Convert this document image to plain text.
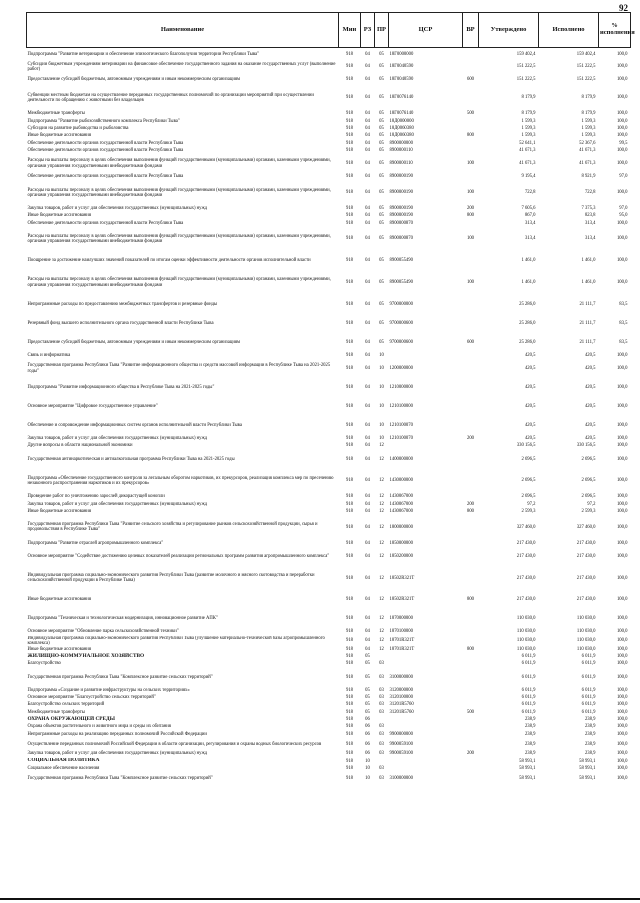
92
Наименование	Мин	РЗ	ПР	ЦСР	ВР	Утверждено	Исполнено	% исполнения
Подпрограмма "Развитие ветеринарии и обеспечение эпизоотического благополучия территории Республики Тыва"	918	04	05	18Г0000000		159 402,4	159 402,4	100,0
Субсидии бюджетным учреждениям ветеринарии на финансовое обеспечение государственного задания на оказание государственных услуг (выполнение работ)	918	04	05	18Г0040590		151 222,5	151 222,5	100,0
Предоставление субсидий бюджетным, автономным учреждениям и иным некоммерческим организациям	918	04	05	18Г0040590	600	151 222,5	151 222,5	100,0
Субвенции местным бюджетам на осуществление переданных государственных полномочий по организации мероприятий при осуществлении деятельности по обращению с животными без владельцев	918	04	05	18Г0076140		8 179,9	8 179,9	100,0
Межбюджетные трансферты	918	04	05	18Г0076140	500	8 179,9	8 179,9	100,0
Подпрограмма "Развитие рыбохозяйственного комплекса Республики Тыва"	918	04	05	18Д0000000		1 599,3	1 599,3	100,0
Субсидии на развитие рыбоводства и рыболовства	918	04	05	18Д0060380		1 599,3	1 599,3	100,0
Иные бюджетные ассигнования	918	04	05	18Д0060380	800	1 599,3	1 599,3	100,0
Обеспечение деятельности органов государственной власти Республики Тыва	918	04	05	8900000000		52 641,1	52 367,6	99,5
Обеспечение деятельности органов государственной власти Республики Тыва	918	04	05	8900000110		41 671,3	41 671,3	100,0
Расходы на выплаты персоналу в целях обеспечения выполнения функций государственными (муниципальными) органами, казенными учреждениями, органами управления государственными внебюджетными фондами	918	04	05	8900000110	100	41 671,3	41 671,3	100,0
Обеспечение деятельности органов государственной власти Республики Тыва	918	04	05	8900000190		9 195,4	8 921,9	97,0
Расходы на выплаты персоналу в целях обеспечения выполнения функций государственными (муниципальными) органами, казенными учреждениями, органами управления государственными внебюджетными фондами	918	04	05	8900000190	100	722,8	722,8	100,0
Закупка товаров, работ и услуг для обеспечения государственных (муниципальных) нужд	918	04	05	8900000190	200	7 605,6	7 375,3	97,0
Иные бюджетные ассигнования	918	04	05	8900000190	800	867,0	823,8	95,0
Обеспечение деятельности органов государственной власти Республики Тыва	918	04	05	8900000870		313,4	313,4	100,0
Расходы на выплаты персоналу в целях обеспечения выполнения функций государственными (муниципальными) органами, казенными учреждениями, органами управления государственными внебюджетными фондами	918	04	05	8900000870	100	313,4	313,4	100,0
Поощрение за достижение наилучших значений показателей по итогам оценки эффективности деятельности органов исполнительной власти	918	04	05	8900055490		1 461,0	1 461,0	100,0
Расходы на выплаты персоналу в целях обеспечения выполнения функций государственными (муниципальными) органами, казенными учреждениями, органами управления государственными внебюджетными фондами	918	04	05	8900055490	100	1 461,0	1 461,0	100,0
Непрограммные расходы по предоставлению межбюджетных трансфертов и резервные фонды	918	04	05	9700000000		25 286,0	21 111,7	83,5
Резервный фонд высшего исполнительного органа государственной власти Республики Тыва	918	04	05	9700000600		25 286,0	21 111,7	83,5
Предоставление субсидий бюджетным, автономным учреждениям и иным некоммерческим организациям	918	04	05	9700000600	600	25 286,0	21 111,7	83,5
Связь и информатика	918	04	10			420,5	420,5	100,0
Государственная программа Республики Тыва "Развитие информационного общества и средств массовой информации в Республике Тыва на 2021-2025 годы"	918	04	10	1200000000		420,5	420,5	100,0
Подпрограмма "Развитие информационного общества в Республике Тыва на 2021-2025 годы"	918	04	10	1210000000		420,5	420,5	100,0
Основное мероприятие "Цифровое государственное управление"	918	04	10	1210100000		420,5	420,5	100,0
Обеспечение и сопровождение информационных систем органов исполнительной власти Республики Тыва	918	04	10	1210100070		420,5	420,5	100,0
Закупка товаров, работ и услуг для обеспечения государственных (муниципальных) нужд	918	04	10	1210100070	200	420,5	420,5	100,0
Другие вопросы в области национальной экономики	918	04	12			330 156,5	330 156,5	100,0
Государственная антинаркотическая и антиалкогольная программа Республики Тыва на 2021-2025 годы	918	04	12	1400000000		2 696,5	2 696,5	100,0
Подпрограмма «Обеспечение государственного контроля за легальным оборотом наркотиков, их прекурсоров, реализация комплекса мер по пресечению незаконного распространения наркотиков и их прекурсоров»	918	04	12	1430000000		2 696,5	2 696,5	100,0
Проведение работ по уничтожению зарослей дикорастущей конопли	918	04	12	1430067000		2 696,5	2 696,5	100,0
Закупка товаров, работ и услуг для обеспечения государственных (муниципальных) нужд	918	04	12	1430067000	200	97,2	97,2	100,0
Иные бюджетные ассигнования	918	04	12	1430067000	800	2 599,3	2 599,3	100,0
Государственная программа Республики Тыва "Развитие сельского хозяйства и регулирование рынков сельскохозяйственной продукции, сырья и продовольствия в Республике Тыва"	918	04	12	1800000000		327 460,0	327 460,0	100,0
Подпрограмма "Развитие отраслей агропромышленного комплекса"	918	04	12	1850000000		217 430,0	217 430,0	100,0
Основное мероприятие "Содействие достижению целевых показателей реализации региональных программ развития агропромышленного комплекса"	918	04	12	1850200000		217 430,0	217 430,0	100,0
Индивидуальная программа социально-экономического развития Республики Тыва (развитие молочного и мясного скотоводства и переработки сельскохозяйственной продукции в Республике Тыва)	918	04	12	18502R321T		217 430,0	217 430,0	100,0
Иные бюджетные ассигнования	918	04	12	18502R321T	800	217 430,0	217 430,0	100,0
Подпрограмма "Техническая и технологическая модернизация, инновационное развитие АПК"	918	04	12	1870000000		110 030,0	110 030,0	100,0
Основное мероприятие "Обновление парка сельскохозяйственной техники"	918	04	12	1870100000		110 030,0	110 030,0	100,0
Индивидуальная программа социально-экономического развития Республики Тыва (улучшение материально-технической базы агропромышленного комплекса)	918	04	12	18701R321T		110 030,0	110 030,0	100,0
Иные бюджетные ассигнования	918	04	12	18701R321T	800	110 030,0	110 030,0	100,0
ЖИЛИЩНО-КОММУНАЛЬНОЕ ХОЗЯЙСТВО	918	05				6 011,9	6 011,9	100,0
Благоустройство	918	05	03			6 011,9	6 011,9	100,0
Государственная программа Республики Тыва "Комплексное развитие сельских территорий"	918	05	03	3100000000		6 011,9	6 011,9	100,0
Подпрограмма «Создание и развитие инфраструктуры на сельских территориях»	918	05	03	3120000000		6 011,9	6 011,9	100,0
Основное мероприятие "Благоустройство сельских территорий"	918	05	03	3120100000		6 011,9	6 011,9	100,0
Благоустройство сельских территорий	918	05	03	31201R5760		6 011,9	6 011,9	100,0
Межбюджетные трансферты	918	05	03	31201R5760	500	6 011,9	6 011,9	100,0
ОХРАНА ОКРУЖАЮЩЕЙ СРЕДЫ	918	06				238,9	238,9	100,0
Охрана объектов растительного и животного мира и среды их обитания	918	06	03			238,9	238,9	100,0
Непрограммные расходы на реализацию переданных полномочий Российской Федерации	918	06	03	9900000000		238,9	238,9	100,0
Осуществление переданных полномочий Российской Федерации в области организации, регулирования и охраны водных биологических ресурсов	918	06	03	9900059100		238,9	238,9	100,0
Закупка товаров, работ и услуг для обеспечения государственных (муниципальных) нужд	918	06	03	9900059100	200	238,9	238,9	100,0
СОЦИАЛЬНАЯ ПОЛИТИКА	918	10				58 993,1	58 993,1	100,0
Социальное обеспечение населения	918	10	03			58 993,1	58 993,1	100,0
Государственная программа Республики Тыва "Комплексное развитие сельских территорий"	918	10	03	3100000000		58 993,1	58 993,1	100,0
